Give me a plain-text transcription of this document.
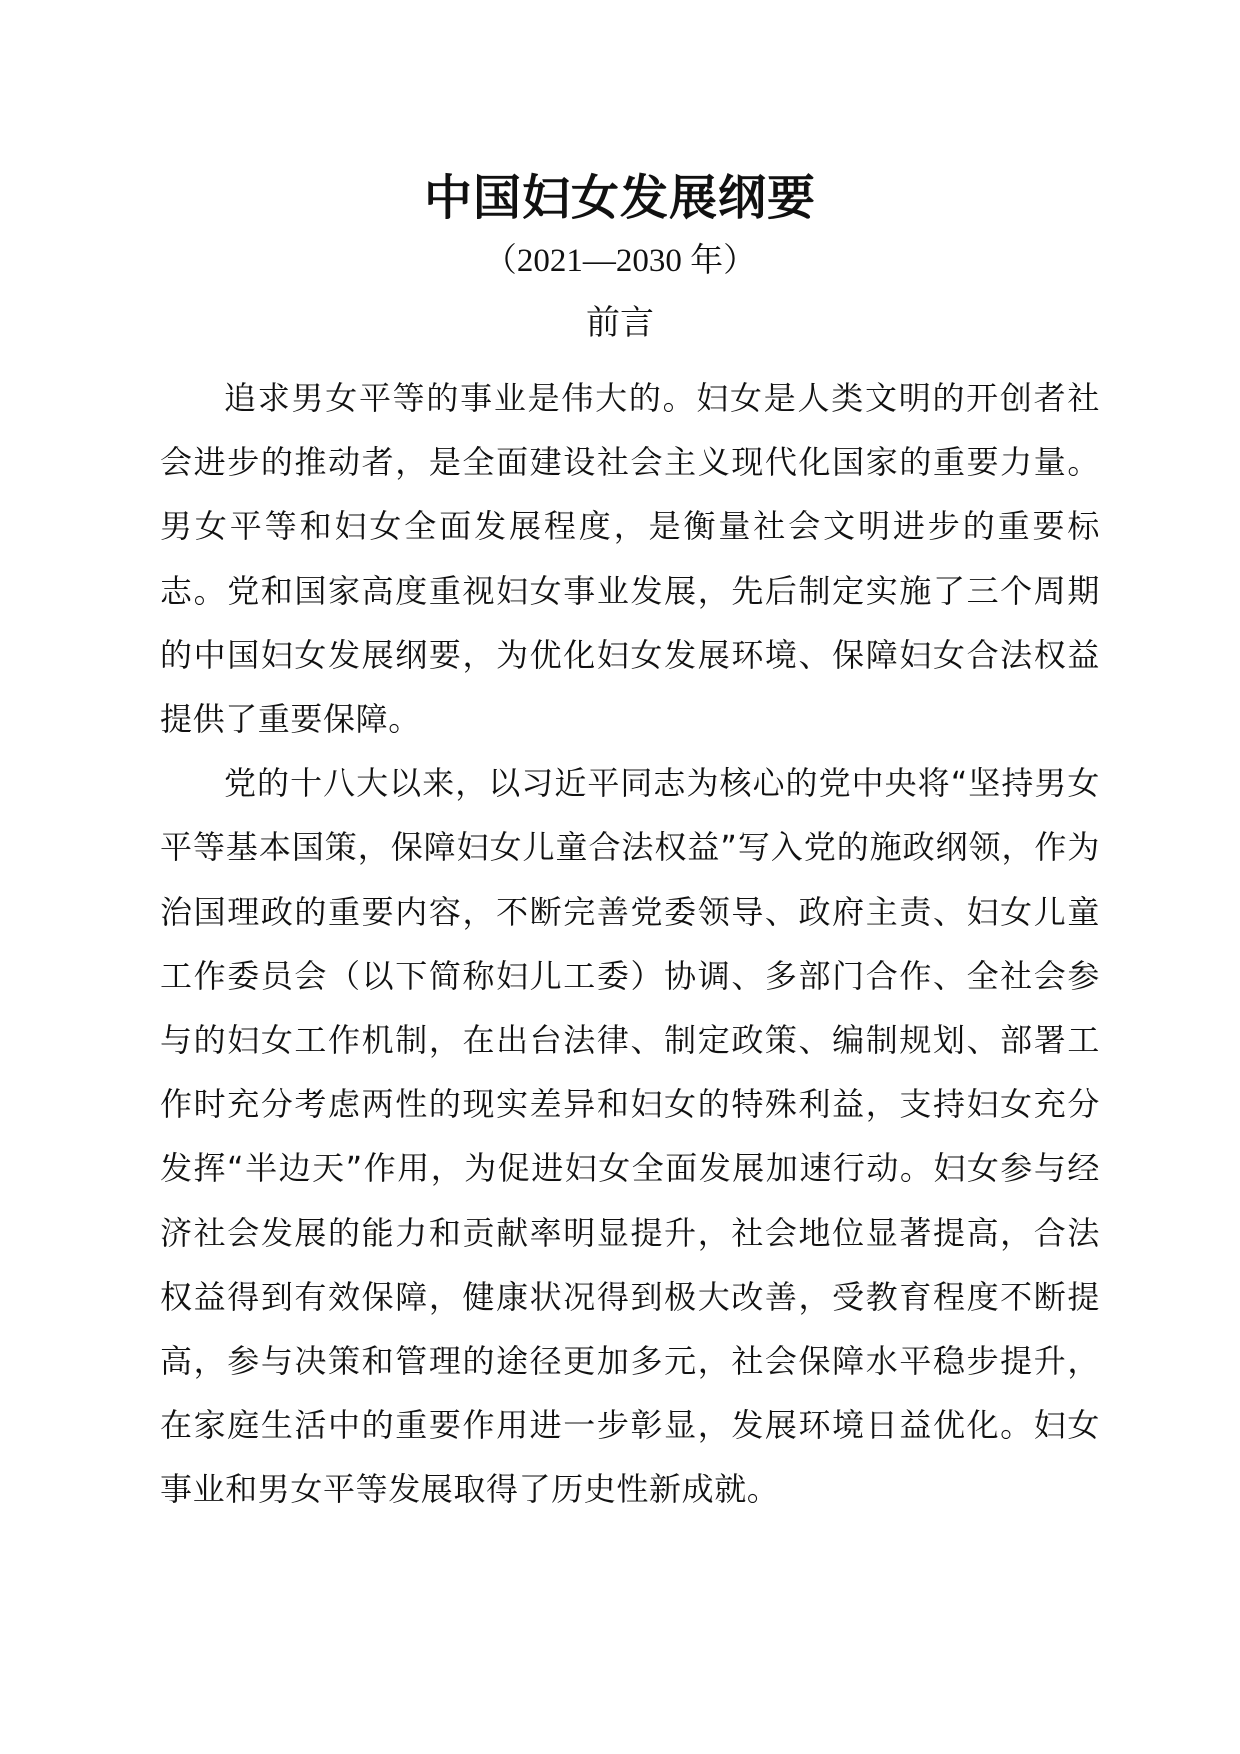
中国妇女发展纲要
（2021—2030 年）
前言

追求男女平等的事业是伟大的。妇女是人类文明的开创者社会进步的推动者，是全面建设社会主义现代化国家的重要力量。男女平等和妇女全面发展程度，是衡量社会文明进步的重要标志。党和国家高度重视妇女事业发展，先后制定实施了三个周期的中国妇女发展纲要，为优化妇女发展环境、保障妇女合法权益提供了重要保障。

党的十八大以来，以习近平同志为核心的党中央将“坚持男女平等基本国策，保障妇女儿童合法权益”写入党的施政纲领，作为治国理政的重要内容，不断完善党委领导、政府主责、妇女儿童工作委员会（以下简称妇儿工委）协调、多部门合作、全社会参与的妇女工作机制，在出台法律、制定政策、编制规划、部署工作时充分考虑两性的现实差异和妇女的特殊利益，支持妇女充分发挥“半边天”作用，为促进妇女全面发展加速行动。妇女参与经济社会发展的能力和贡献率明显提升，社会地位显著提高，合法权益得到有效保障，健康状况得到极大改善，受教育程度不断提高，参与决策和管理的途径更加多元，社会保障水平稳步提升，在家庭生活中的重要作用进一步彰显，发展环境日益优化。妇女事业和男女平等发展取得了历史性新成就。
